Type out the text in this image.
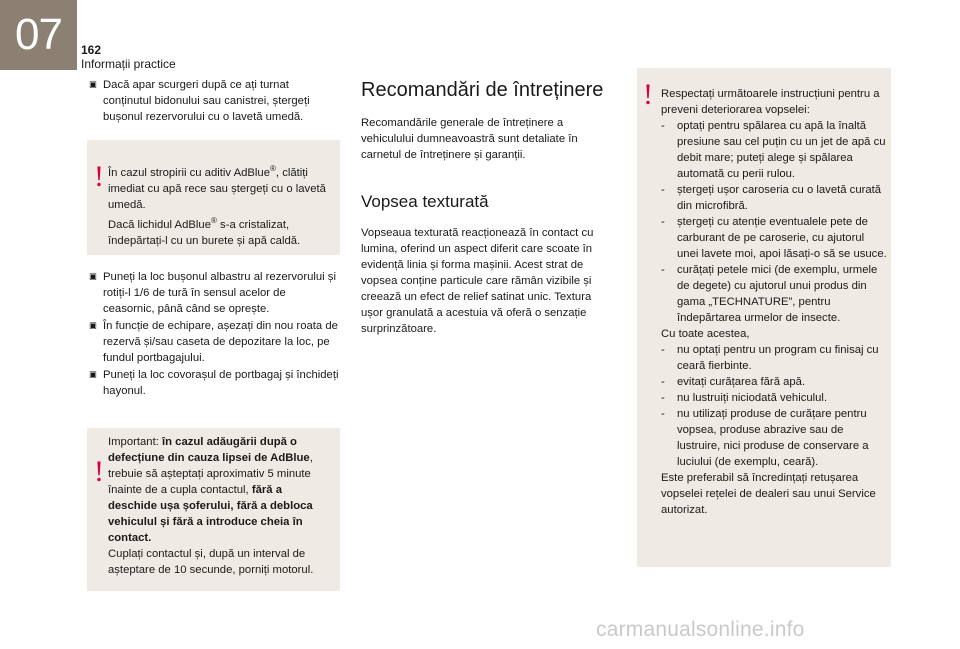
07	162
Informații practice
🞕 Dacă apar scurgeri după ce ați turnat conținutul bidonului sau canistrei, ștergeți bușonul rezervorului cu o lavetă umedă.
! În cazul stropirii cu aditiv AdBlue®, clătiți imediat cu apă rece sau ștergeți cu o lavetă umedă.
Dacă lichidul AdBlue® s-a cristalizat, îndepărtați-l cu un burete și apă caldă.
🞕 Puneți la loc bușonul albastru al rezervorului și rotiți-l 1/6 de tură în sensul acelor de ceasornic, până când se oprește.
🞕 În funcție de echipare, așezați din nou roata de rezervă și/sau caseta de depozitare la loc, pe fundul portbagajului.
🞕 Puneți la loc covorașul de portbagaj și închideți hayonul.
!
Important: în cazul adăugării după o defecțiune din cauza lipsei de AdBlue, trebuie să așteptați aproximativ 5 minute înainte de a cupla contactul, fără a deschide ușa șoferului, fără a debloca vehiculul și fără a introduce cheia în contact.
Cuplați contactul și, după un interval de așteptare de 10 secunde, porniți motorul.
Recomandări de întreținere

Recomandările generale de întreținere a vehiculului dumneavoastră sunt detaliate în carnetul de întreținere și garanții.

Vopsea texturată

Vopseaua texturată reacționează în contact cu lumina, oferind un aspect diferit care scoate în evidență linia și forma mașinii. Acest strat de vopsea conține particule care rămân vizibile și creează un efect de relief satinat unic. Textura ușor granulată a acestuia vă oferă o senzație surprinzătoare.

! Respectați următoarele instrucțiuni pentru a preveni deteriorarea vopselei:
- optați pentru spălarea cu apă la înaltă presiune sau cel puțin cu un jet de apă cu debit mare; puteți alege și spălarea automată cu perii rulou.
- ștergeți ușor caroseria cu o lavetă curată din microfibră.
- ștergeți cu atenție eventualele pete de carburant de pe caroserie, cu ajutorul unei lavete moi, apoi lăsați-o să se usuce.
- curățați petele mici (de exemplu, urmele de degete) cu ajutorul unui produs din gama „TECHNATURE”, pentru îndepărtarea urmelor de insecte.
Cu toate acestea,
- nu optați pentru un program cu finisaj cu ceară fierbinte.
- evitați curățarea fără apă.
- nu lustruiți niciodată vehiculul.
- nu utilizați produse de curățare pentru vopsea, produse abrazive sau de lustruire, nici produse de conservare a luciului (de exemplu, ceară).
Este preferabil să încredințați retușarea vopselei rețelei de dealeri sau unui Service autorizat.
carmanualsonline.info
